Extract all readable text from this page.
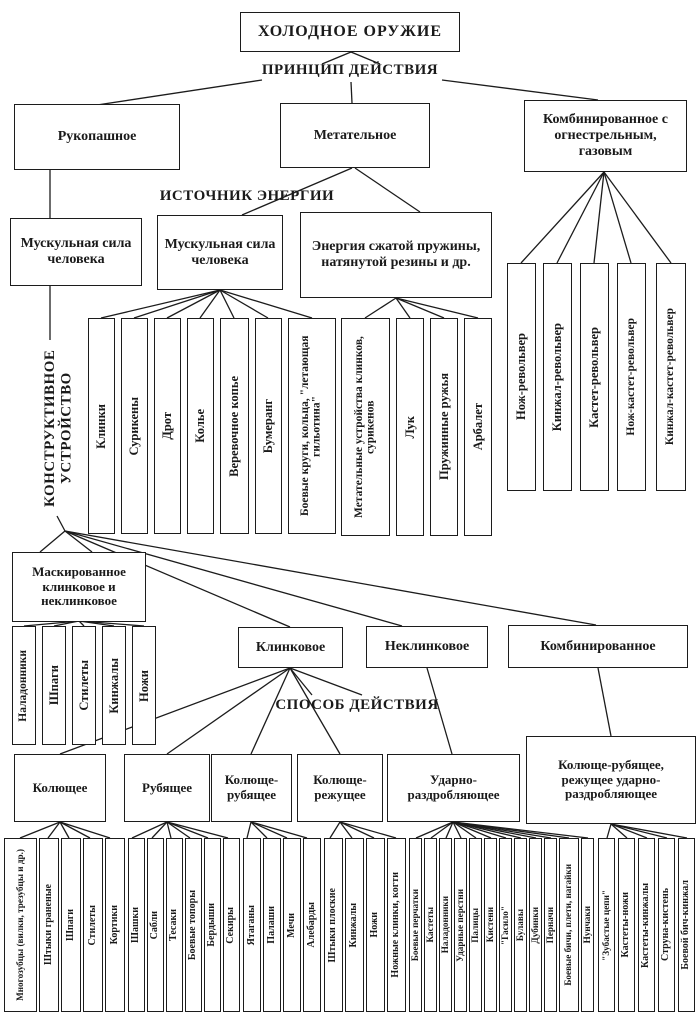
ХОЛОДНОЕ ОРУЖИЕ
ПРИНЦИП ДЕЙСТВИЯ
Рукопашное	Метательное
Комбинированное с огнестрельным, газовым
ИСТОЧНИК ЭНЕРГИИ
Мускульная сила человека
Мускульная сила человека
Энергия сжатой пружины, натянутой резины и др.
КОНСТРУКТИВНОЕ УСТРОЙСТВО Клинки Сурикены Дрот Колье Веревочное копье Бумеранг Боевые круги, кольца, "летающая гильотина"	Метательные устройства клинков, сурикенов Лук Пружинные ружья Арбалет
Нож-револьвер Кинжал-револьвер Кастет-револьвер Нож-кастет-револьвер Кинжал-кастет-револьвер
Маскированное клинковое и неклинковое
Наладонники Шпаги Стилеты Кинжалы Ножи
Клинковое	Неклинковое	Комбинированное
СПОСОБ ДЕЙСТВИЯ
Колющее	Рубящее	Колюще-рубящее
Колюще-режущее
Ударно-раздробляющее
Колюще-рубящее, режущее ударно-раздробляющее
Многозубцы (вилки, трезубцы и др.) Штыки граненые Шпаги Стилеты Кортики Шашки Сабли Тесаки Боевые топоры Бердыши Секиры Ятаганы Палаши Мечи Алебарды Штыки плоские Кинжалы Ножи Ножные клинки, когти Боевые перчатки Кастеты Наладонники Ударные перстни Палицы Кистени "Гасило" Булавы Дубинки Перначи Боевые бичи, плети, нагайки Нунчаки "Зубастые цепи" Кастеты-ножи Кастеты-кинжалы Струна-кистень Боевой бич-кинжал
